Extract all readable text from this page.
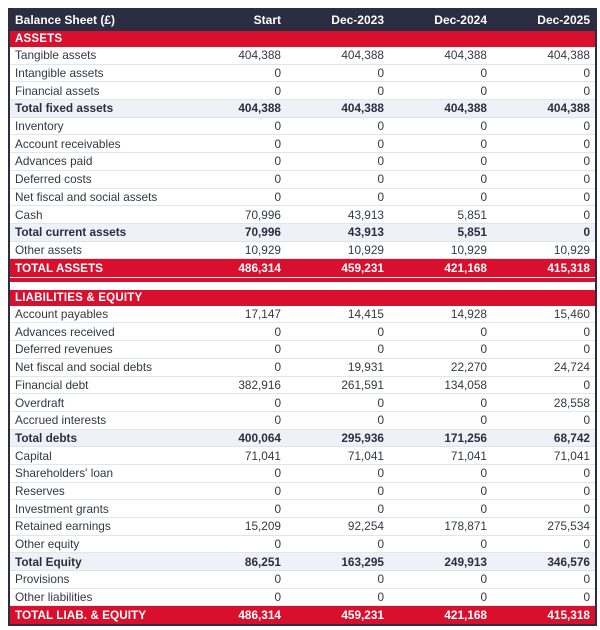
Balance Sheet (£)	Start	Dec-2023	Dec-2024	Dec-2025
ASSETS
Tangible assets	404,388	404,388	404,388	404,388
Intangible assets	0	0	0	0
Financial assets	0	0	0	0
Total fixed assets	404,388	404,388	404,388	404,388
Inventory	0	0	0	0
Account receivables	0	0	0	0
Advances paid	0	0	0	0
Deferred costs	0	0	0	0
Net fiscal and social assets	0	0	0	0
Cash	70,996	43,913	5,851	0
Total current assets	70,996	43,913	5,851	0
Other assets	10,929	10,929	10,929	10,929
TOTAL ASSETS	486,314	459,231	421,168	415,318
LIABILITIES & EQUITY
Account payables	17,147	14,415	14,928	15,460
Advances received	0	0	0	0
Deferred revenues	0	0	0	0
Net fiscal and social debts	0	19,931	22,270	24,724
Financial debt	382,916	261,591	134,058	0
Overdraft	0	0	0	28,558
Accrued interests	0	0	0	0
Total debts	400,064	295,936	171,256	68,742
Capital	71,041	71,041	71,041	71,041
Shareholders' loan	0	0	0	0
Reserves	0	0	0	0
Investment grants	0	0	0	0
Retained earnings	15,209	92,254	178,871	275,534
Other equity	0	0	0	0
Total Equity	86,251	163,295	249,913	346,576
Provisions	0	0	0	0
Other liabilities	0	0	0	0
TOTAL LIAB. & EQUITY	486,314	459,231	421,168	415,318
